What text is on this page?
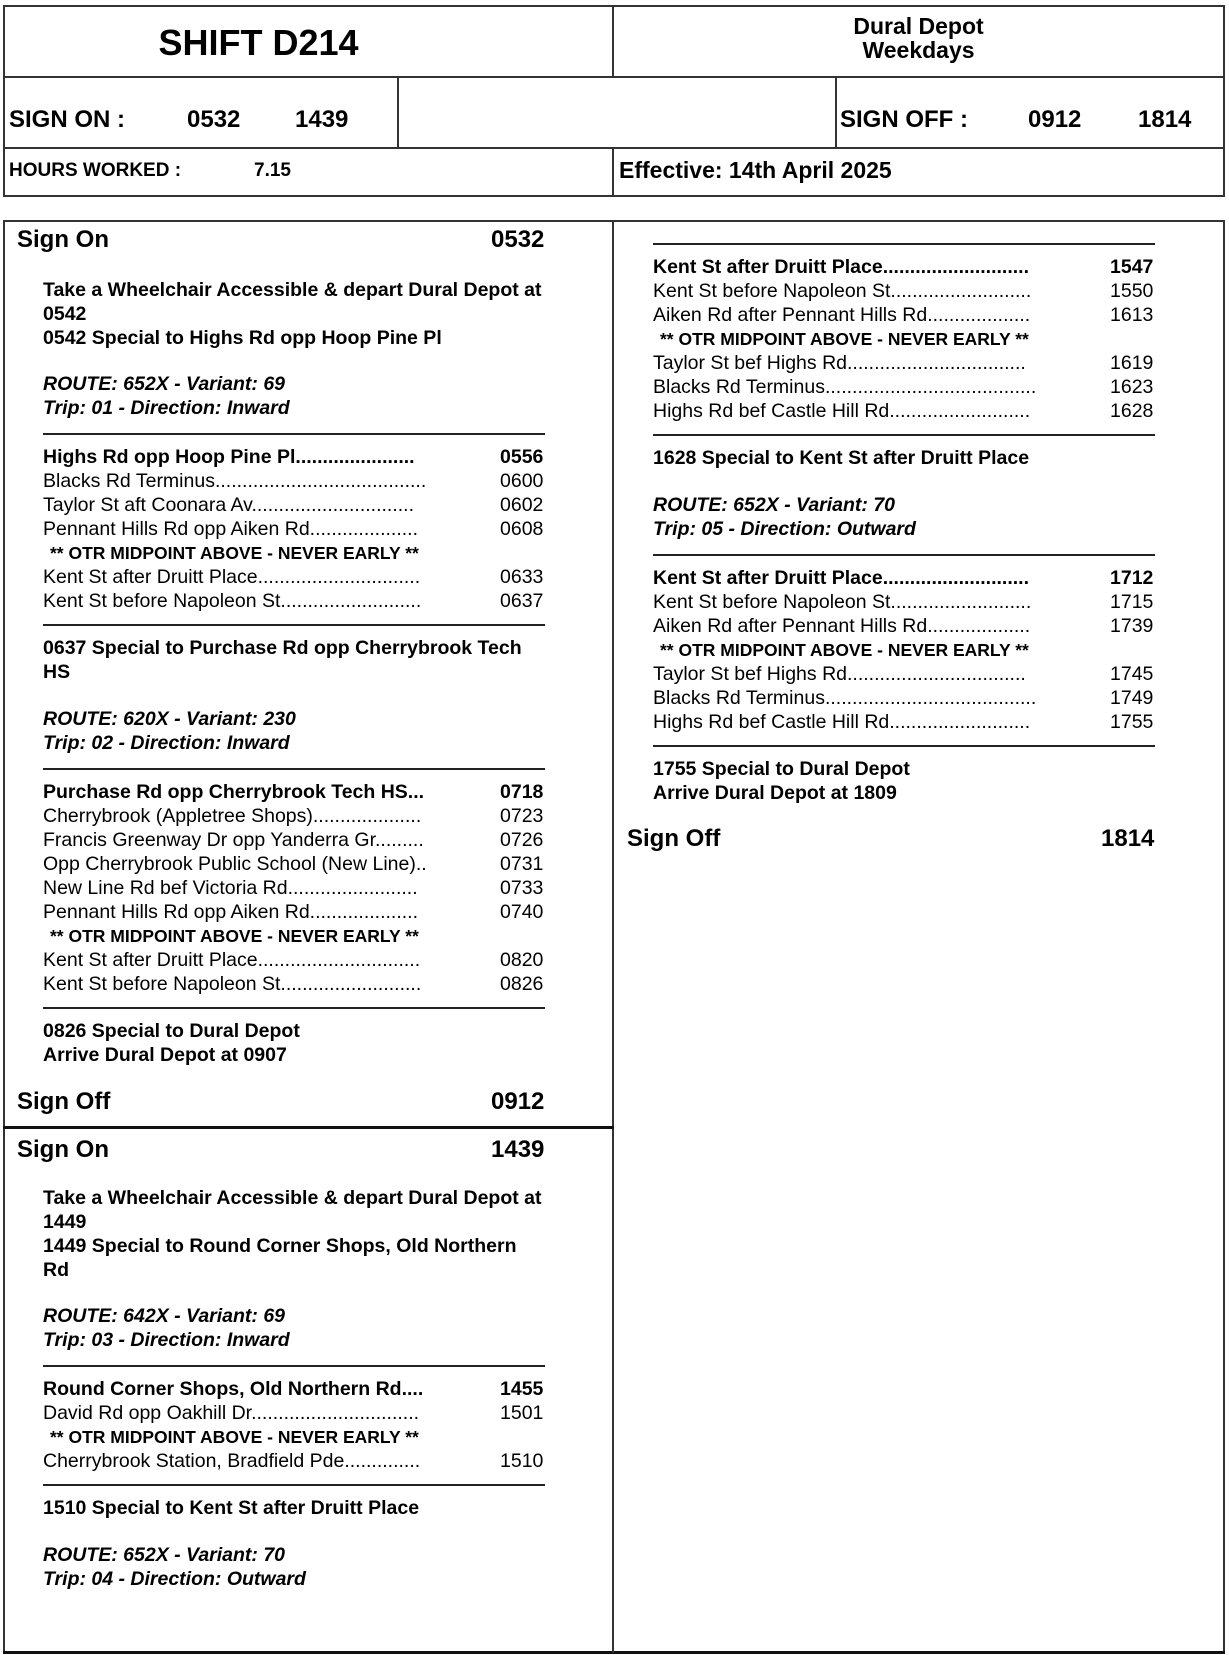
SHIFT D214	Dural Depot
Weekdays
SIGN ON :	0532 1439	SIGN OFF :	0912 1814
HOURS WORKED :	7.15	Effective: 14th April 2025
Sign On	0532
Take a Wheelchair Accessible & depart Dural Depot at
0542
0542 Special to Highs Rd opp Hoop Pine Pl
ROUTE: 652X - Variant: 69
Trip: 01 - Direction: Inward
Highs Rd opp Hoop Pine Pl......................	0556
Blacks Rd Terminus.......................................	0600
Taylor St aft Coonara Av..............................	0602
Pennant Hills Rd opp Aiken Rd....................	0608
** OTR MIDPOINT ABOVE - NEVER EARLY **
Kent St after Druitt Place..............................	0633
Kent St before Napoleon St..........................	0637
0637 Special to Purchase Rd opp Cherrybrook Tech
HS
ROUTE: 620X - Variant: 230
Trip: 02 - Direction: Inward
Purchase Rd opp Cherrybrook Tech HS...	0718
Cherrybrook (Appletree Shops)....................	0723
Francis Greenway Dr opp Yanderra Gr.........	0726
Opp Cherrybrook Public School (New Line)..	0731
New Line Rd bef Victoria Rd........................	0733
Pennant Hills Rd opp Aiken Rd....................	0740
** OTR MIDPOINT ABOVE - NEVER EARLY **
Kent St after Druitt Place..............................	0820
Kent St before Napoleon St..........................	0826
0826 Special to Dural Depot
Arrive Dural Depot at 0907
Sign Off	0912
Sign On	1439
Take a Wheelchair Accessible & depart Dural Depot at
1449
1449 Special to Round Corner Shops, Old Northern
Rd
ROUTE: 642X - Variant: 69
Trip: 03 - Direction: Inward
Round Corner Shops, Old Northern Rd....	1455
David Rd opp Oakhill Dr...............................	1501
** OTR MIDPOINT ABOVE - NEVER EARLY **
Cherrybrook Station, Bradfield Pde..............	1510
1510 Special to Kent St after Druitt Place
ROUTE: 652X - Variant: 70
Trip: 04 - Direction: Outward
Kent St after Druitt Place...........................	1547
Kent St before Napoleon St..........................	1550
Aiken Rd after Pennant Hills Rd...................	1613
** OTR MIDPOINT ABOVE - NEVER EARLY **
Taylor St bef Highs Rd.................................	1619
Blacks Rd Terminus.......................................	1623
Highs Rd bef Castle Hill Rd..........................	1628
1628 Special to Kent St after Druitt Place
ROUTE: 652X - Variant: 70
Trip: 05 - Direction: Outward
Kent St after Druitt Place...........................	1712
Kent St before Napoleon St..........................	1715
Aiken Rd after Pennant Hills Rd...................	1739
** OTR MIDPOINT ABOVE - NEVER EARLY **
Taylor St bef Highs Rd.................................	1745
Blacks Rd Terminus.......................................	1749
Highs Rd bef Castle Hill Rd..........................	1755
1755 Special to Dural Depot
Arrive Dural Depot at 1809
Sign Off	1814
